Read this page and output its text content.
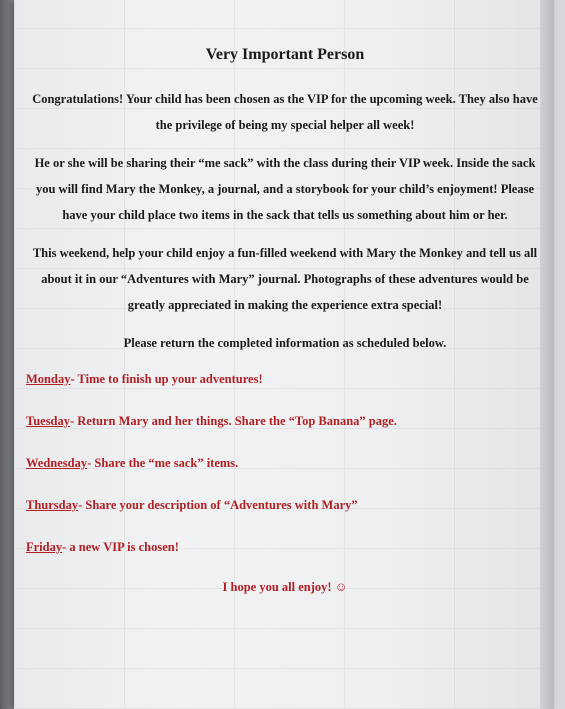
Very Important Person

Congratulations! Your child has been chosen as the VIP for the upcoming week. They also have the privilege of being my special helper all week!

He or she will be sharing their “me sack” with the class during their VIP week. Inside the sack you will find Mary the Monkey, a journal, and a storybook for your child’s enjoyment! Please have your child place two items in the sack that tells us something about him or her.

This weekend, help your child enjoy a fun-filled weekend with Mary the Monkey and tell us all about it in our “Adventures with Mary” journal. Photographs of these adventures would be greatly appreciated in making the experience extra special!

Please return the completed information as scheduled below.

Monday- Time to finish up your adventures!
Tuesday- Return Mary and her things. Share the “Top Banana” page.
Wednesday- Share the “me sack” items.
Thursday- Share your description of “Adventures with Mary”
Friday- a new VIP is chosen!
I hope you all enjoy! ☺
